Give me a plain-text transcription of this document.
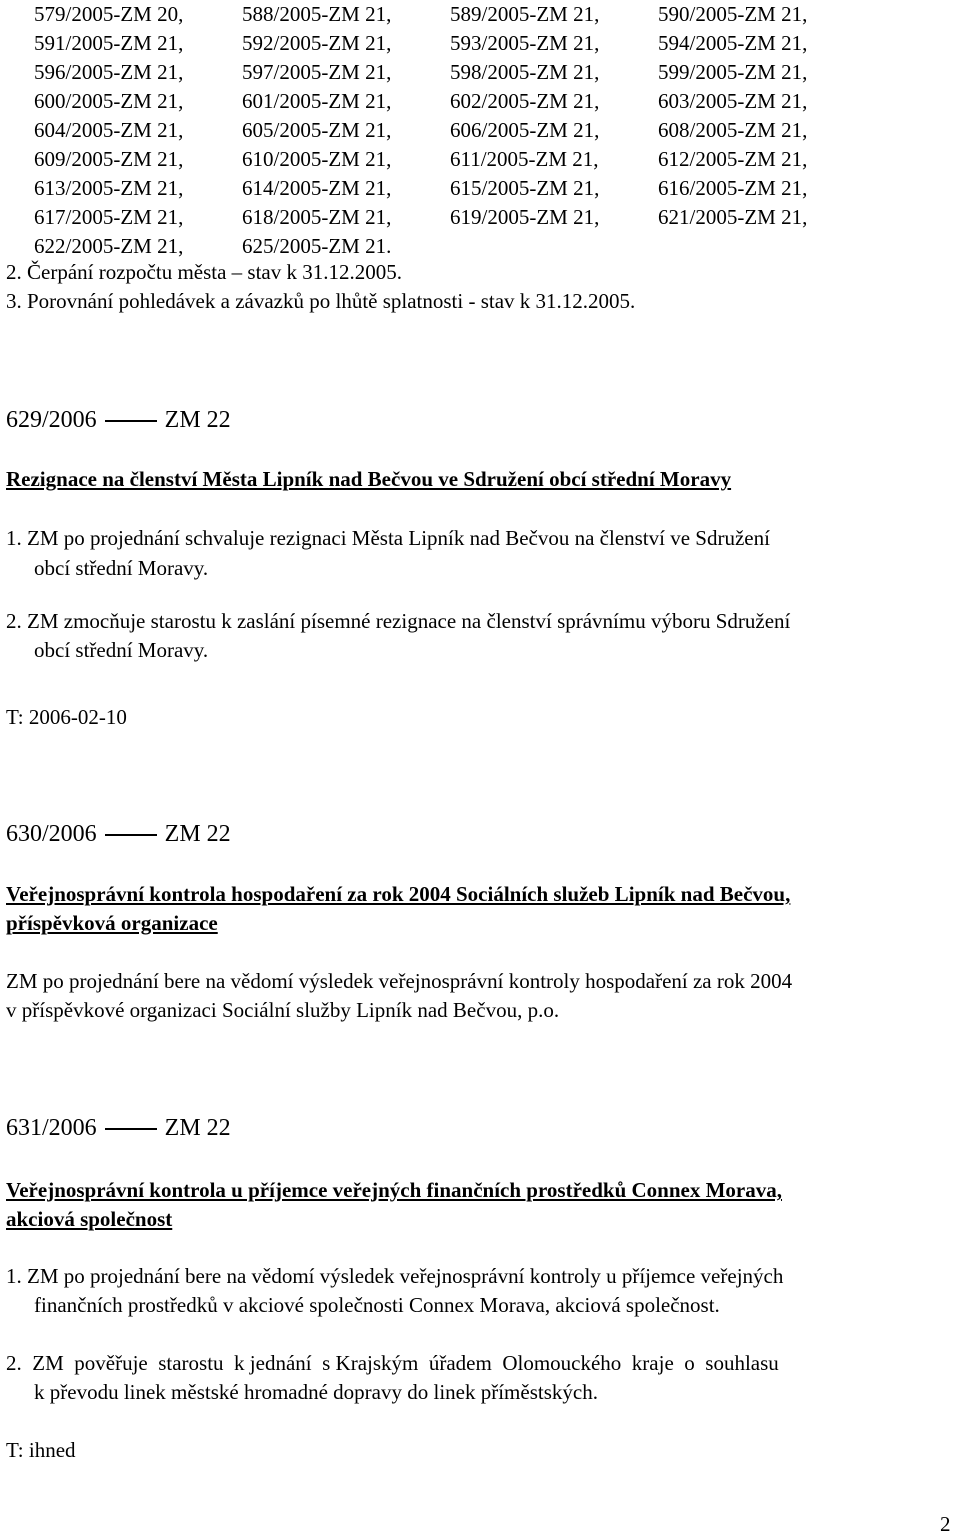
579/2005-ZM 20,	588/2005-ZM 21,	589/2005-ZM 21,	590/2005-ZM 21,
591/2005-ZM 21,	592/2005-ZM 21,	593/2005-ZM 21,	594/2005-ZM 21,
596/2005-ZM 21,	597/2005-ZM 21,	598/2005-ZM 21,	599/2005-ZM 21,
600/2005-ZM 21,	601/2005-ZM 21,	602/2005-ZM 21,	603/2005-ZM 21,
604/2005-ZM 21,	605/2005-ZM 21,	606/2005-ZM 21,	608/2005-ZM 21,
609/2005-ZM 21,	610/2005-ZM 21,	611/2005-ZM 21,	612/2005-ZM 21,
613/2005-ZM 21,	614/2005-ZM 21,	615/2005-ZM 21,	616/2005-ZM 21,
617/2005-ZM 21,	618/2005-ZM 21,	619/2005-ZM 21,	621/2005-ZM 21,
622/2005-ZM 21,	625/2005-ZM 21.
2. Čerpání rozpočtu města – stav k 31.12.2005.
3. Porovnání pohledávek a závazků po lhůtě splatnosti - stav k 31.12.2005.
629/2006	ZM 22
Rezignace na členství Města Lipník nad Bečvou ve Sdružení obcí střední Moravy
1. ZM po projednání schvaluje rezignaci Města Lipník nad Bečvou na členství ve Sdružení
obcí střední Moravy.
2. ZM zmocňuje starostu k zaslání písemné rezignace na členství správnímu výboru Sdružení
obcí střední Moravy.
T: 2006-02-10
630/2006	ZM 22
Veřejnosprávní kontrola hospodaření za rok 2004 Sociálních služeb Lipník nad Bečvou,
příspěvková organizace
ZM po projednání bere na vědomí výsledek veřejnosprávní kontroly hospodaření za rok 2004
v příspěvkové organizaci Sociální služby Lipník nad Bečvou, p.o.
631/2006	ZM 22
Veřejnosprávní kontrola u příjemce veřejných finančních prostředků Connex Morava,
akciová společnost
1. ZM po projednání bere na vědomí výsledek veřejnosprávní kontroly u příjemce veřejných
finančních prostředků v akciové společnosti Connex Morava, akciová společnost.
2.  ZM  pověřuje  starostu  k jednání  s Krajským  úřadem  Olomouckého  kraje  o  souhlasu
k převodu linek městské hromadné dopravy do linek příměstských.
T: ihned
2
